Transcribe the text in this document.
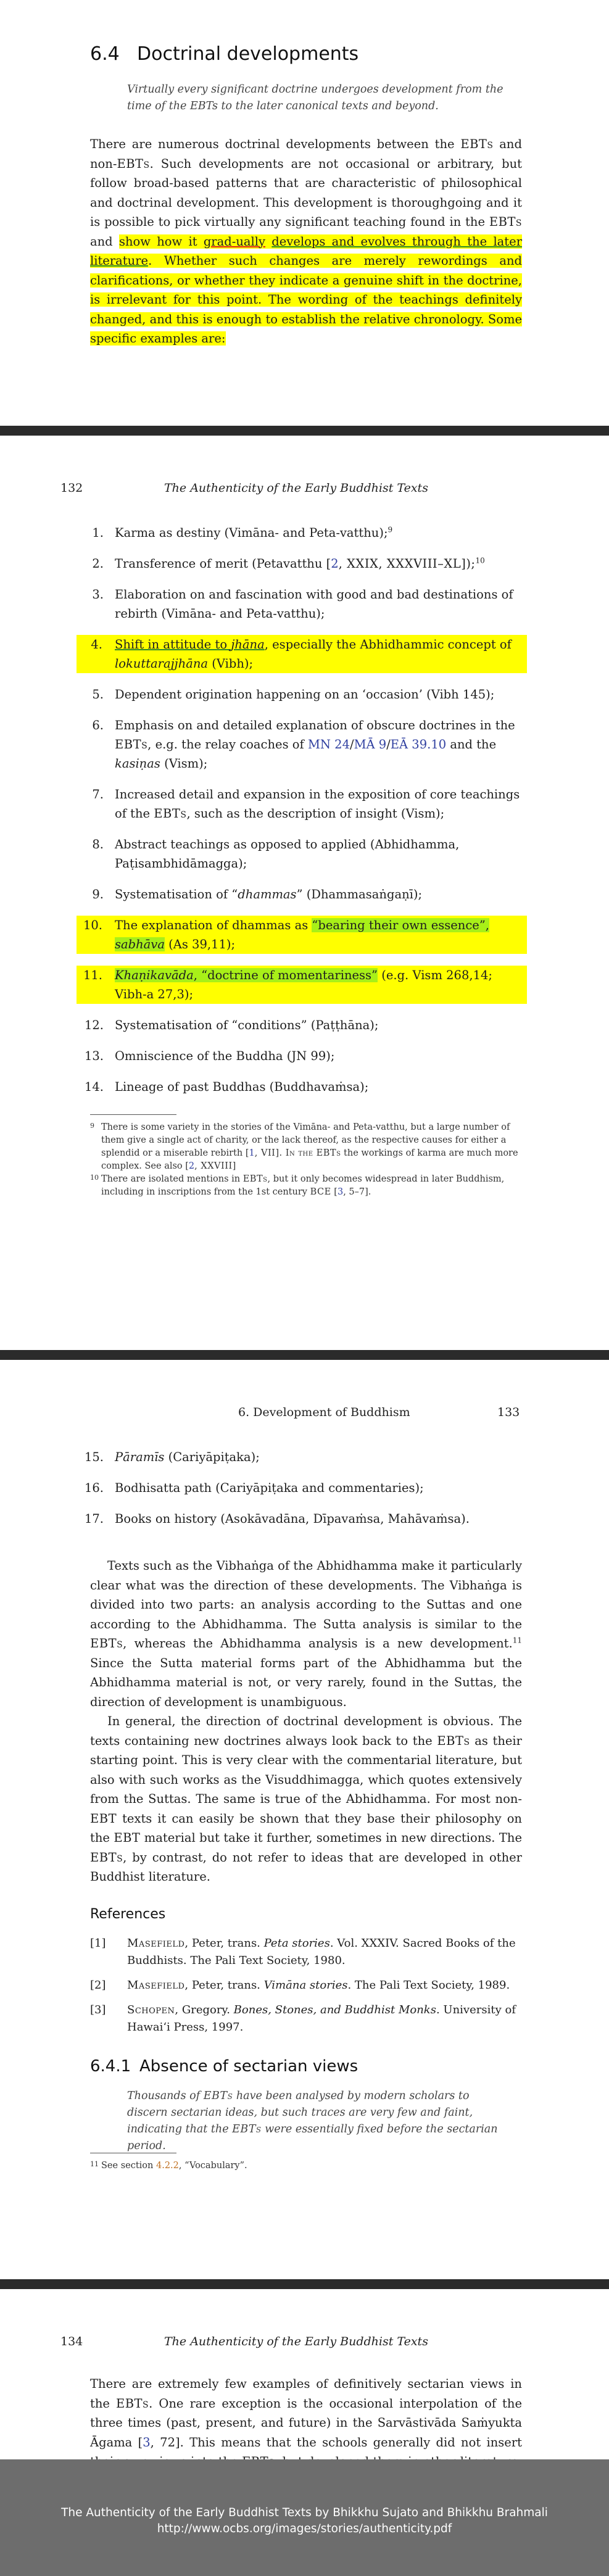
6.4 Doctrinal developments

Virtually every significant doctrine undergoes development from the time of the EBTs to the later canonical texts and beyond.

There are numerous doctrinal developments between the EBTs and non-EBTs. Such developments are not occasional or arbitrary, but follow broad-based patterns that are characteristic of philosophical and doctrinal development. This development is thoroughgoing and it is possible to pick virtually any significant teaching found in the EBTs and show how it grad-ually develops and evolves through the later literature. Whether such changes are merely rewordings and clarifications, or whether they indicate a genuine shift in the doctrine, is irrelevant for this point. The wording of the teachings definitely changed, and this is enough to establish the relative chronology. Some specific examples are:

132	The Authenticity of the Early Buddhist Texts
1. Karma as destiny (Vimāna- and Peta-vatthu);$^9$
2. Transference of merit (Petavatthu [2, XXIX, XXXVIII–XL]);$^{10}$
3. Elaboration on and fascination with good and bad destinations of rebirth (Vimāna- and Peta-vatthu);
4.	Shift in attitude to jhāna, especially the Abhidhammic concept of lokuttarajjhāna (Vibh);
5. Dependent origination happening on an ‘occasion’ (Vibh 145);
6. Emphasis on and detailed explanation of obscure doctrines in the EBTs, e.g. the relay coaches of MN 24/MĀ 9/EĀ 39.10 and the kasiṇas (Vism);
7. Increased detail and expansion in the exposition of core teachings of the EBTs, such as the description of insight (Vism);
8. Abstract teachings as opposed to applied (Abhidhamma, Paṭisambhidāmagga);
9. Systematisation of “dhammas” (Dhammasaṅgaṇī);
10.	The explanation of dhammas as “bearing their own essence”, sabhāva (As 39,11);
11.	Khaṇikavāda, “doctrine of momentariness” (e.g. Vism 268,14; Vibh-a 27,3);
12. Systematisation of “conditions” (Paṭṭhāna);
13. Omniscience of the Buddha (JN 99);
14. Lineage of past Buddhas (Buddhavaṁsa);
9 There is some variety in the stories of the Vimāna- and Peta-vatthu, but a large number of them give a single act of charity, or the lack thereof, as the respective causes for either a splendid or a miserable rebirth [1, VII]. In the EBTs the workings of karma are much more complex. See also [2, XXVIII]
10 There are isolated mentions in EBTs, but it only becomes widespread in later Buddhism, including in inscriptions from the 1st century BCE [3, 5–7].
6. Development of Buddhism	133
15. Pāramīs (Cariyāpiṭaka);
16. Bodhisatta path (Cariyāpiṭaka and commentaries);
17. Books on history (Asokāvadāna, Dīpavaṁsa, Mahāvaṁsa).

Texts such as the Vibhaṅga of the Abhidhamma make it particularly clear what was the direction of these developments. The Vibhaṅga is divided into two parts: an analysis according to the Suttas and one according to the Abhidhamma. The Sutta analysis is similar to the EBTs, whereas the Abhidhamma analysis is a new development.$^{11}$ Since the Sutta material forms part of the Abhidhamma but the Abhidhamma material is not, or very rarely, found in the Suttas, the direction of development is unambiguous.

In general, the direction of doctrinal development is obvious. The texts containing new doctrines always look back to the EBTs as their starting point. This is very clear with the commentarial literature, but also with such works as the Visuddhimagga, which quotes extensively from the Suttas. The same is true of the Abhidhamma. For most non-EBT texts it can easily be shown that they base their philosophy on the EBT material but take it further, sometimes in new directions. The EBTs, by contrast, do not refer to ideas that are developed in other Buddhist literature.

References
[1] Masefield, Peter, trans. Peta stories. Vol. XXXIV. Sacred Books of the Buddhists. The Pali Text Society, 1980.
[2] Masefield, Peter, trans. Vimāna stories. The Pali Text Society, 1989.
[3] Schopen, Gregory. Bones, Stones, and Buddhist Monks. University of Hawai‘i Press, 1997.
6.4.1 Absence of sectarian views

Thousands of EBTs have been analysed by modern scholars to discern sectarian ideas, but such traces are very few and faint, indicating that the EBTs were essentially fixed before the sectarian period.

11 See section 4.2.2, “Vocabulary”.
134	The Authenticity of the Early Buddhist Texts

There are extremely few examples of definitively sectarian views in the EBTs. One rare exception is the occasional interpolation of the three times (past, present, and future) in the Sarvāstivāda Saṁyukta Āgama [3, 72]. This means that the schools generally did not insert

The Authenticity of the Early Buddhist Texts by Bhikkhu Sujato and Bhikkhu Brahmali
http://www.ocbs.org/images/stories/authenticity.pdf
